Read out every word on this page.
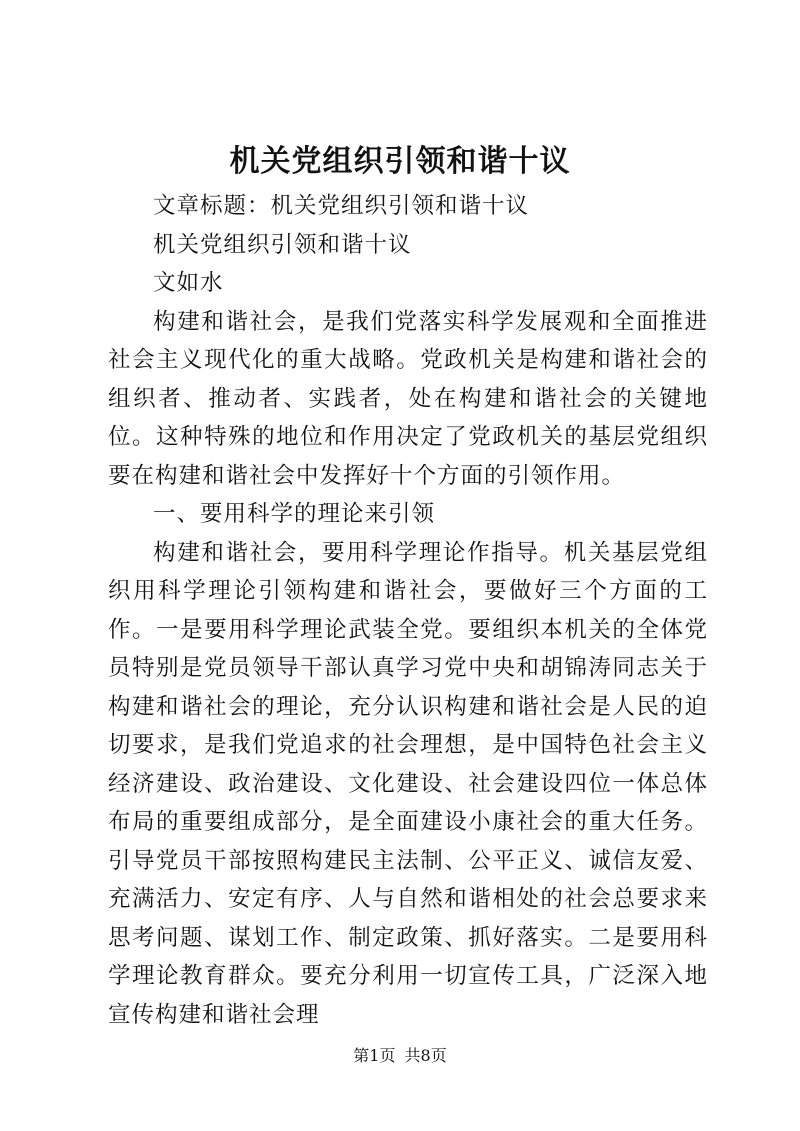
机关党组织引领和谐十议

文章标题：机关党组织引领和谐十议

机关党组织引领和谐十议

文如水

构建和谐社会，是我们党落实科学发展观和全面推进社会主义现代化的重大战略。党政机关是构建和谐社会的组织者、推动者、实践者，处在构建和谐社会的关键地位。这种特殊的地位和作用决定了党政机关的基层党组织要在构建和谐社会中发挥好十个方面的引领作用。

一、要用科学的理论来引领

构建和谐社会，要用科学理论作指导。机关基层党组织用科学理论引领构建和谐社会，要做好三个方面的工作。一是要用科学理论武装全党。要组织本机关的全体党员特别是党员领导干部认真学习党中央和胡锦涛同志关于构建和谐社会的理论，充分认识构建和谐社会是人民的迫切要求，是我们党追求的社会理想，是中国特色社会主义经济建设、政治建设、文化建设、社会建设四位一体总体布局的重要组成部分，是全面建设小康社会的重大任务。引导党员干部按照构建民主法制、公平正义、诚信友爱、充满活力、安定有序、人与自然和谐相处的社会总要求来思考问题、谋划工作、制定政策、抓好落实。二是要用科学理论教育群众。要充分利用一切宣传工具，广泛深入地宣传构建和谐社会理

第1页 共8页
